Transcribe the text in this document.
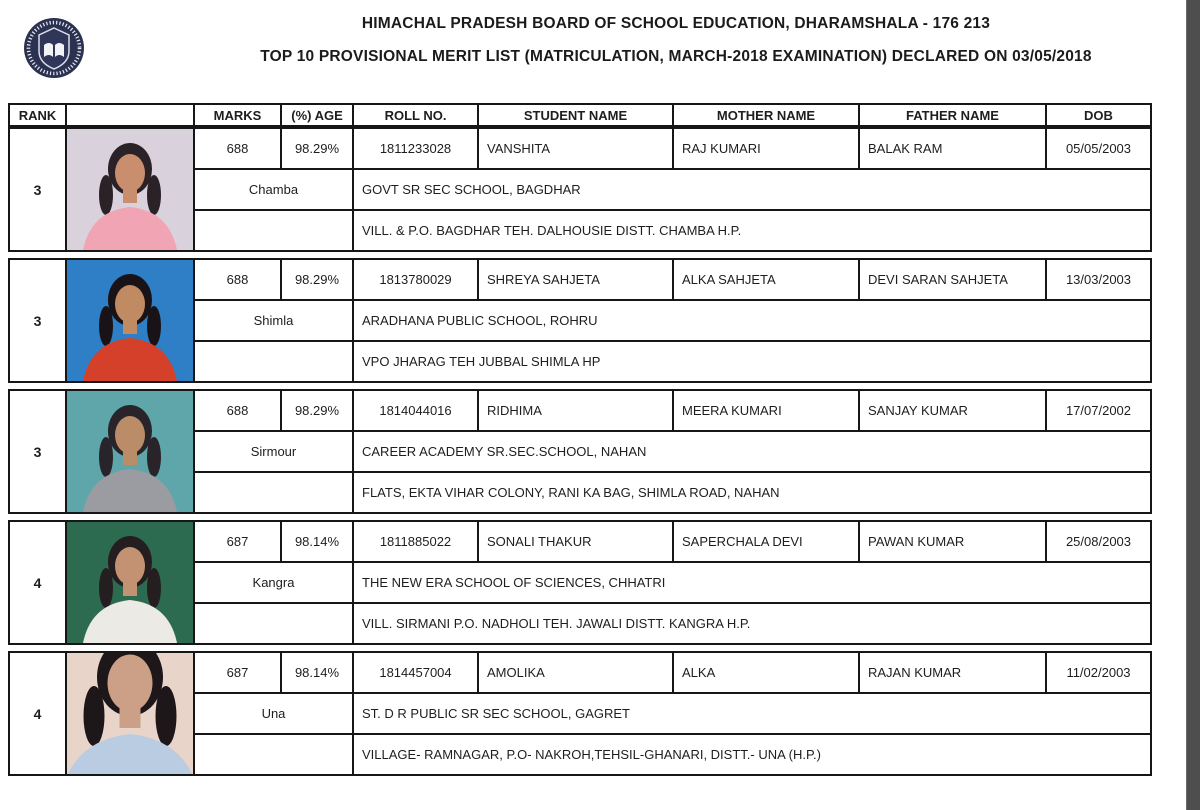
HIMACHAL PRADESH BOARD OF SCHOOL EDUCATION, DHARAMSHALA - 176 213
TOP 10 PROVISIONAL MERIT LIST (MATRICULATION, MARCH-2018 EXAMINATION) DECLARED ON 03/05/2018
RANK	MARKS	(%) AGE	ROLL NO.	STUDENT NAME	MOTHER NAME	FATHER NAME	DOB
3
688	98.29%	1811233028	VANSHITA	RAJ KUMARI	BALAK RAM	05/05/2003
Chamba	GOVT SR SEC SCHOOL, BAGDHAR
VILL. & P.O. BAGDHAR TEH. DALHOUSIE DISTT. CHAMBA H.P.
3
688	98.29%	1813780029	SHREYA SAHJETA	ALKA SAHJETA	DEVI SARAN SAHJETA	13/03/2003
Shimla	ARADHANA PUBLIC SCHOOL, ROHRU
VPO JHARAG TEH JUBBAL SHIMLA HP
3
688	98.29%	1814044016	RIDHIMA	MEERA KUMARI	SANJAY KUMAR	17/07/2002
Sirmour	CAREER ACADEMY SR.SEC.SCHOOL, NAHAN
FLATS, EKTA VIHAR COLONY, RANI KA BAG, SHIMLA ROAD, NAHAN
4
687	98.14%	1811885022	SONALI THAKUR	SAPERCHALA DEVI	PAWAN KUMAR	25/08/2003
Kangra	THE NEW ERA SCHOOL OF SCIENCES, CHHATRI
VILL. SIRMANI P.O. NADHOLI TEH. JAWALI DISTT. KANGRA H.P.
4
687	98.14%	1814457004	AMOLIKA	ALKA	RAJAN KUMAR	11/02/2003
Una	ST. D R PUBLIC SR SEC SCHOOL, GAGRET
VILLAGE- RAMNAGAR, P.O- NAKROH,TEHSIL-GHANARI, DISTT.- UNA (H.P.)
